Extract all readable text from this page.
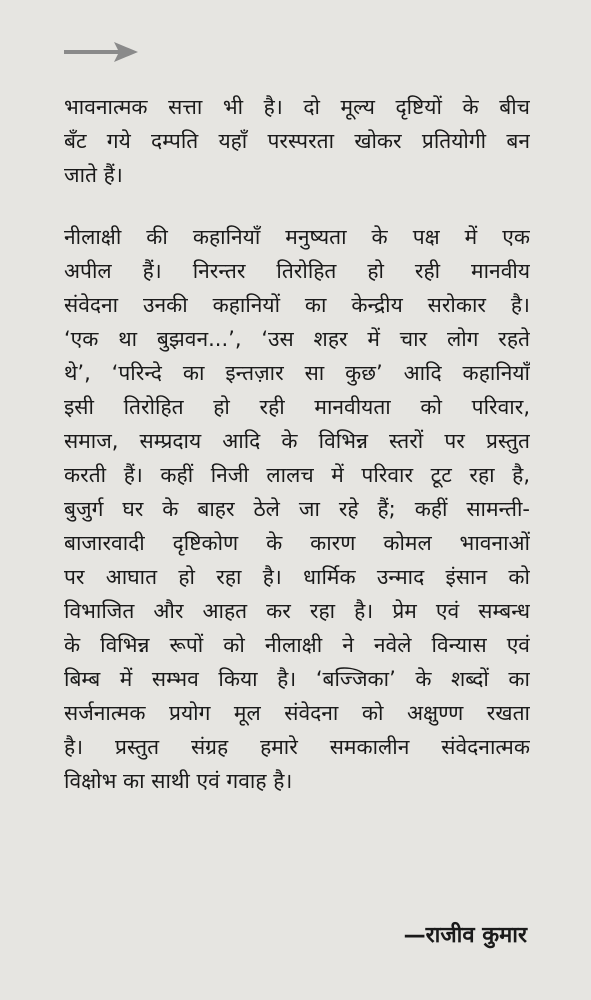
भावनात्मक सत्ता भी है। दो मूल्य दृष्टियों के बीच
बँट गये दम्पति यहाँ परस्परता खोकर प्रतियोगी बन
जाते हैं।
नीलाक्षी की कहानियाँ मनुष्यता के पक्ष में एक
अपील हैं। निरन्तर तिरोहित हो रही मानवीय
संवेदना उनकी कहानियों का केन्द्रीय सरोकार है।
‘एक था बुझवन...’, ‘उस शहर में चार लोग रहते
थे’, ‘परिन्दे का इन्तज़ार सा कुछ’ आदि कहानियाँ
इसी तिरोहित हो रही मानवीयता को परिवार,
समाज, सम्प्रदाय आदि के विभिन्न स्तरों पर प्रस्तुत
करती हैं। कहीं निजी लालच में परिवार टूट रहा है,
बुजुर्ग घर के बाहर ठेले जा रहे हैं; कहीं सामन्ती-
बाजारवादी दृष्टिकोण के कारण कोमल भावनाओं
पर आघात हो रहा है। धार्मिक उन्माद इंसान को
विभाजित और आहत कर रहा है। प्रेम एवं सम्बन्ध
के विभिन्न रूपों को नीलाक्षी ने नवेले विन्यास एवं
बिम्ब में सम्भव किया है। ‘बज्जिका’ के शब्दों का
सर्जनात्मक प्रयोग मूल संवेदना को अक्षुण्ण रखता
है। प्रस्तुत संग्रह हमारे समकालीन संवेदनात्मक
विक्षोभ का साथी एवं गवाह है।
—राजीव कुमार
